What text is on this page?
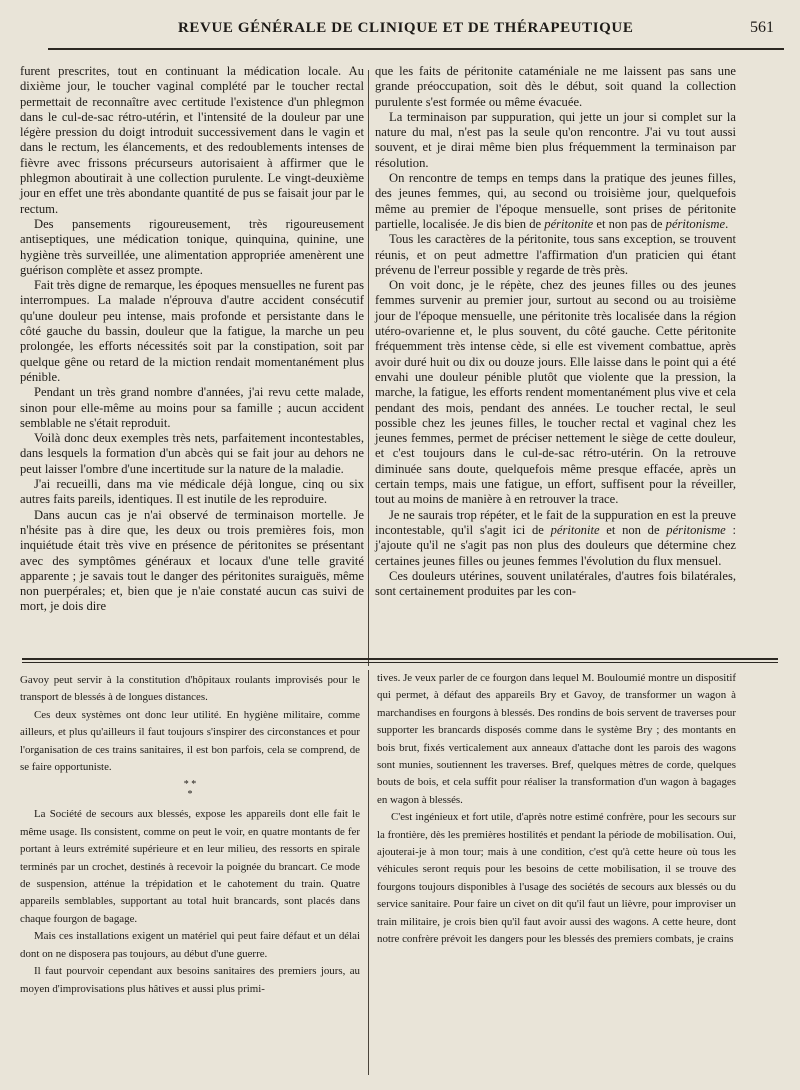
REVUE GÉNÉRALE DE CLINIQUE ET DE THÉRAPEUTIQUE	561

furent prescrites, tout en continuant la médication locale. Au dixième jour, le toucher vaginal complété par le toucher rectal permettait de reconnaître avec certitude l'existence d'un phlegmon dans le cul-de-sac rétro-utérin, et l'intensité de la douleur par une légère pression du doigt introduit successivement dans le vagin et dans le rectum, les élancements, et des redoublements intenses de fièvre avec frissons précurseurs autorisaient à affirmer que le phlegmon aboutirait à une collection purulente. Le vingt-deuxième jour en effet une très abondante quantité de pus se faisait jour par le rectum.

Des pansements rigoureusement, très rigoureusement antiseptiques, une médication tonique, quinquina, quinine, une hygiène très surveillée, une alimentation appropriée amenèrent une guérison complète et assez prompte.

Fait très digne de remarque, les époques mensuelles ne furent pas interrompues. La malade n'éprouva d'autre accident consécutif qu'une douleur peu intense, mais profonde et persistante dans le côté gauche du bassin, douleur que la fatigue, la marche un peu prolongée, les efforts nécessités soit par la constipation, soit par quelque gêne ou retard de la miction rendait momentanément plus pénible.

Pendant un très grand nombre d'années, j'ai revu cette malade, sinon pour elle-même au moins pour sa famille ; aucun accident semblable ne s'était reproduit.

Voilà donc deux exemples très nets, parfaitement incontestables, dans lesquels la formation d'un abcès qui se fait jour au dehors ne peut laisser l'ombre d'une incertitude sur la nature de la maladie.

J'ai recueilli, dans ma vie médicale déjà longue, cinq ou six autres faits pareils, identiques. Il est inutile de les reproduire.

Dans aucun cas je n'ai observé de terminaison mortelle. Je n'hésite pas à dire que, les deux ou trois premières fois, mon inquiétude était très vive en présence de péritonites se présentant avec des symptômes généraux et locaux d'une telle gravité apparente ; je savais tout le danger des péritonites suraiguës, même non puerpérales; et, bien que je n'aie constaté aucun cas suivi de mort, je dois dire

que les faits de péritonite cataméniale ne me laissent pas sans une grande préoccupation, soit dès le début, soit quand la collection purulente s'est formée ou même évacuée.

La terminaison par suppuration, qui jette un jour si complet sur la nature du mal, n'est pas la seule qu'on rencontre. J'ai vu tout aussi souvent, et je dirai même bien plus fréquemment la terminaison par résolution.

On rencontre de temps en temps dans la pratique des jeunes filles, des jeunes femmes, qui, au second ou troisième jour, quelquefois même au premier de l'époque mensuelle, sont prises de péritonite partielle, localisée. Je dis bien de péritonite et non pas de péritonisme.

Tous les caractères de la péritonite, tous sans exception, se trouvent réunis, et on peut admettre l'affirmation d'un praticien qui étant prévenu de l'erreur possible y regarde de très près.

On voit donc, je le répète, chez des jeunes filles ou des jeunes femmes survenir au premier jour, surtout au second ou au troisième jour de l'époque mensuelle, une péritonite très localisée dans la région utéro-ovarienne et, le plus souvent, du côté gauche. Cette péritonite fréquemment très intense cède, si elle est vivement combattue, après avoir duré huit ou dix ou douze jours. Elle laisse dans le point qui a été envahi une douleur pénible plutôt que violente que la pression, la marche, la fatigue, les efforts rendent momentanément plus vive et cela pendant des mois, pendant des années. Le toucher rectal, le seul possible chez les jeunes filles, le toucher rectal et vaginal chez les jeunes femmes, permet de préciser nettement le siège de cette douleur, et c'est toujours dans le cul-de-sac rétro-utérin. On la retrouve diminuée sans doute, quelquefois même presque effacée, après un certain temps, mais une fatigue, un effort, suffisent pour la réveiller, tout au moins de manière à en retrouver la trace.

Je ne saurais trop répéter, et le fait de la suppuration en est la preuve incontestable, qu'il s'agit ici de péritonite et non de péritonisme : j'ajoute qu'il ne s'agit pas non plus des douleurs que détermine chez certaines jeunes filles ou jeunes femmes l'évolution du flux mensuel.

Ces douleurs utérines, souvent unilatérales, d'autres fois bilatérales, sont certainement produites par les con-

Gavoy peut servir à la constitution d'hôpitaux roulants improvisés pour le transport de blessés à de longues distances.

Ces deux systèmes ont donc leur utilité. En hygiène militaire, comme ailleurs, et plus qu'ailleurs il faut toujours s'inspirer des circonstances et pour l'organisation de ces trains sanitaires, il est bon parfois, cela se comprend, de se faire opportuniste.

* *
*

La Société de secours aux blessés, expose les appareils dont elle fait le même usage. Ils consistent, comme on peut le voir, en quatre montants de fer portant à leurs extrémité supérieure et en leur milieu, des ressorts en spirale terminés par un crochet, destinés à recevoir la poignée du brancart. Ce mode de suspension, atténue la trépidation et le cahotement du train. Quatre appareils semblables, supportant au total huit brancards, sont placés dans chaque fourgon de bagage.

Mais ces installations exigent un matériel qui peut faire défaut et un délai dont on ne disposera pas toujours, au début d'une guerre.

Il faut pourvoir cependant aux besoins sanitaires des premiers jours, au moyen d'improvisations plus hâtives et aussi plus primi-

tives. Je veux parler de ce fourgon dans lequel M. Bouloumié montre un dispositif qui permet, à défaut des appareils Bry et Gavoy, de transformer un wagon à marchandises en fourgons à blessés. Des rondins de bois servent de traverses pour supporter les brancards disposés comme dans le système Bry ; des montants en bois brut, fixés verticalement aux anneaux d'attache dont les parois des wagons sont munies, soutiennent les traverses. Bref, quelques mètres de corde, quelques bouts de bois, et cela suffit pour réaliser la transformation d'un wagon à bagages en wagon à blessés.

C'est ingénieux et fort utile, d'après notre estimé confrère, pour les secours sur la frontière, dès les premières hostilités et pendant la période de mobilisation. Oui, ajouterai-je à mon tour; mais à une condition, c'est qu'à cette heure où tous les véhicules seront requis pour les besoins de cette mobilisation, il se trouve des fourgons toujours disponibles à l'usage des sociétés de secours aux blessés ou du service sanitaire. Pour faire un civet on dit qu'il faut un lièvre, pour improviser un train militaire, je crois bien qu'il faut avoir aussi des wagons. A cette heure, dont notre confrère prévoit les dangers pour les blessés des premiers combats, je crains
